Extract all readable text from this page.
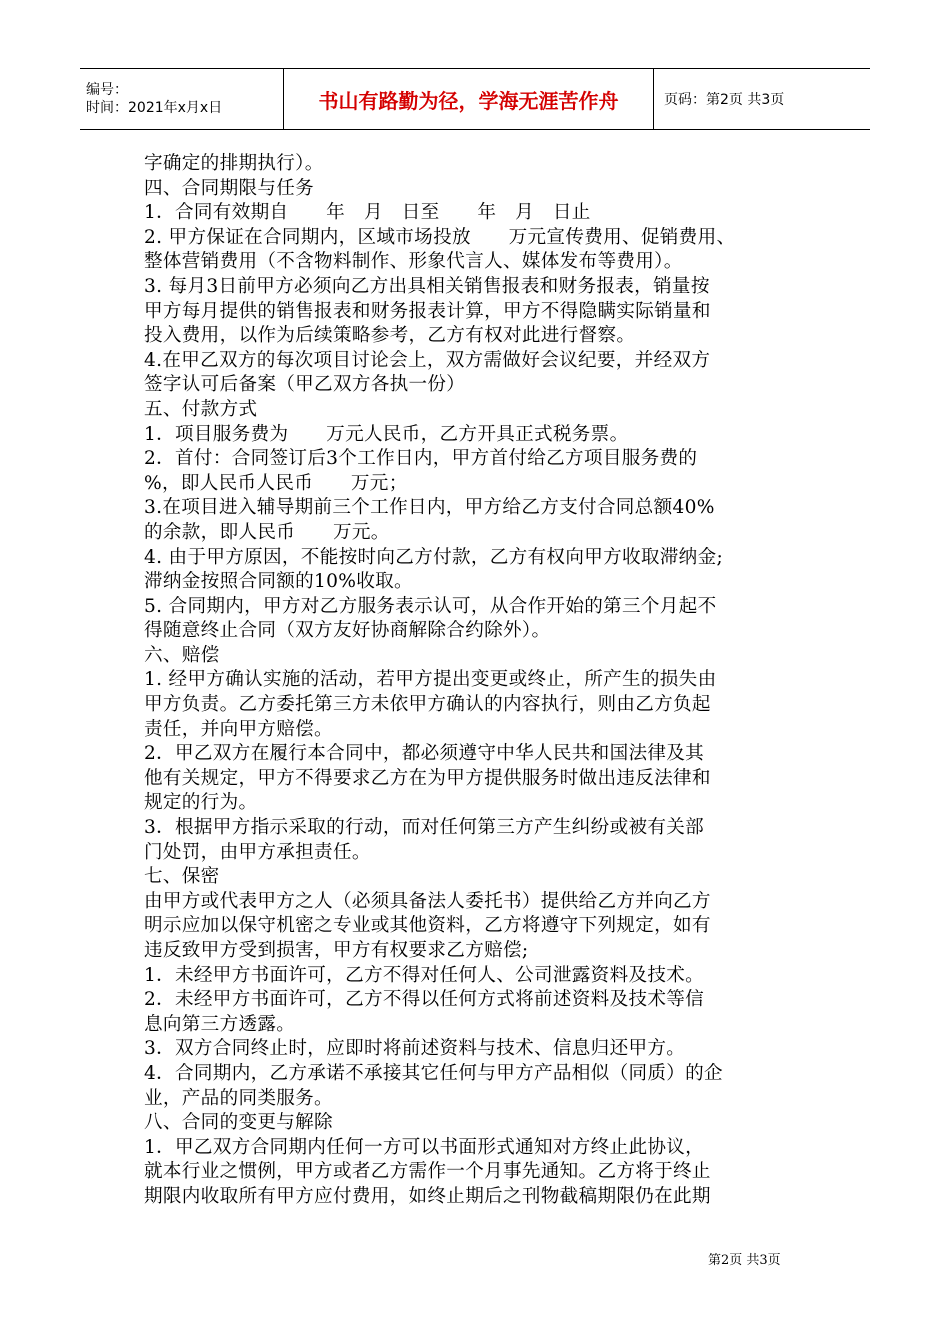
编号：
时间：2021年x月x日	书山有路勤为径，学海无涯苦作舟	页码：第2页 共3页
字确定的排期执行）。
四、合同期限与任务
1．合同有效期自　　年　月　日至　　年　月　日止
2. 甲方保证在合同期内，区域市场投放　　万元宣传费用、促销费用、
整体营销费用（不含物料制作、形象代言人、媒体发布等费用）。
3. 每月3日前甲方必须向乙方出具相关销售报表和财务报表，销量按
甲方每月提供的销售报表和财务报表计算，甲方不得隐瞒实际销量和
投入费用，以作为后续策略参考，乙方有权对此进行督察。
4.在甲乙双方的每次项目讨论会上，双方需做好会议纪要，并经双方
签字认可后备案（甲乙双方各执一份）
五、付款方式
1．项目服务费为　　万元人民币，乙方开具正式税务票。
2．首付：合同签订后3个工作日内，甲方首付给乙方项目服务费的
%，即人民币人民币　　万元；
3.在项目进入辅导期前三个工作日内，甲方给乙方支付合同总额40%
的余款，即人民币　　万元。
4. 由于甲方原因，不能按时向乙方付款，乙方有权向甲方收取滞纳金;
滞纳金按照合同额的10%收取。
5. 合同期内，甲方对乙方服务表示认可，从合作开始的第三个月起不
得随意终止合同（双方友好协商解除合约除外）。
六、赔偿
1. 经甲方确认实施的活动，若甲方提出变更或终止，所产生的损失由
甲方负责。乙方委托第三方未依甲方确认的内容执行，则由乙方负起
责任，并向甲方赔偿。
2．甲乙双方在履行本合同中，都必须遵守中华人民共和国法律及其
他有关规定，甲方不得要求乙方在为甲方提供服务时做出违反法律和
规定的行为。
3．根据甲方指示采取的行动，而对任何第三方产生纠纷或被有关部
门处罚，由甲方承担责任。
七、保密
由甲方或代表甲方之人（必须具备法人委托书）提供给乙方并向乙方
明示应加以保守机密之专业或其他资料，乙方将遵守下列规定，如有
违反致甲方受到损害，甲方有权要求乙方赔偿;
1．未经甲方书面许可，乙方不得对任何人、公司泄露资料及技术。
2．未经甲方书面许可，乙方不得以任何方式将前述资料及技术等信
息向第三方透露。
3．双方合同终止时，应即时将前述资料与技术、信息归还甲方。
4．合同期内，乙方承诺不承接其它任何与甲方产品相似（同质）的企
业，产品的同类服务。
八、合同的变更与解除
1．甲乙双方合同期内任何一方可以书面形式通知对方终止此协议，
就本行业之惯例，甲方或者乙方需作一个月事先通知。乙方将于终止
期限内收取所有甲方应付费用，如终止期后之刊物截稿期限仍在此期
第2页 共3页
